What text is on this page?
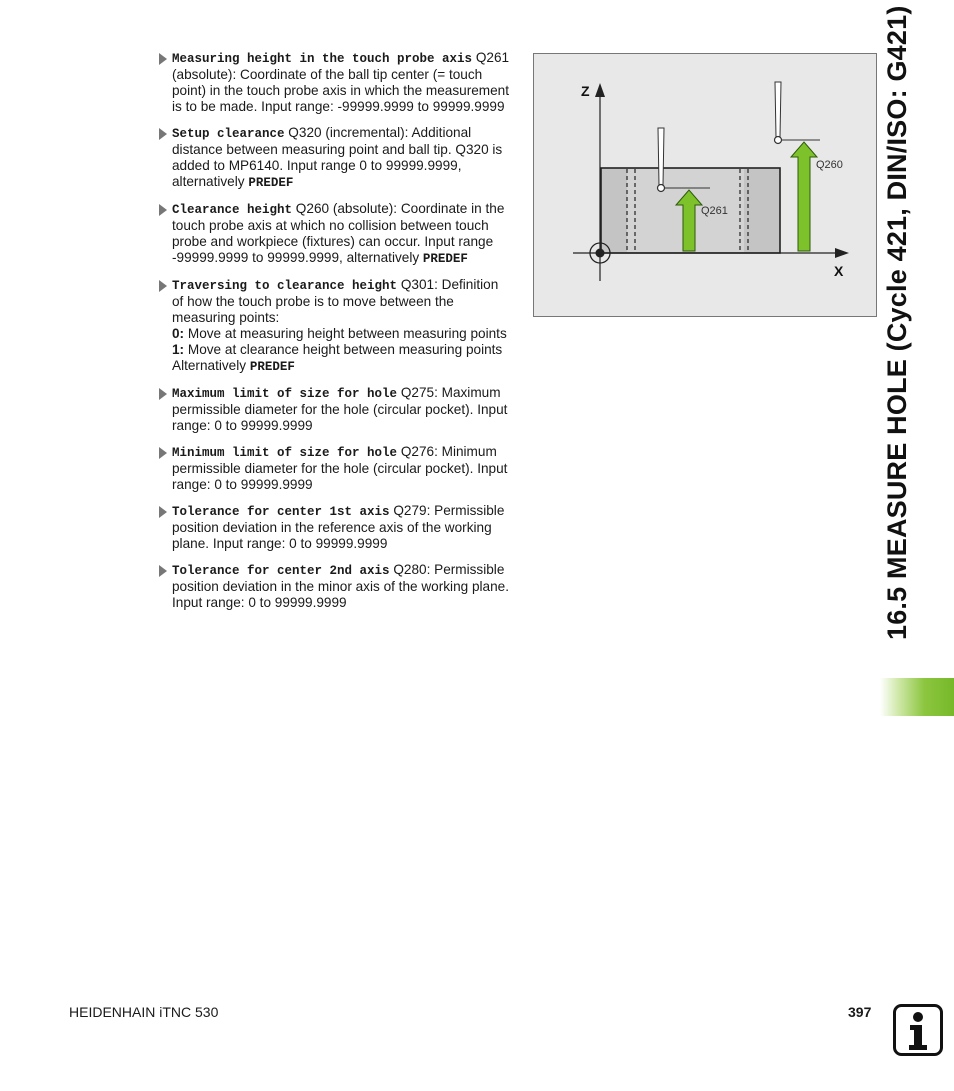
Measuring height in the touch probe axis Q261 (absolute): Coordinate of the ball tip center (= touch point) in the touch probe axis in which the measurement is to be made. Input range: -99999.9999 to 99999.9999
Setup clearance Q320 (incremental): Additional distance between measuring point and ball tip. Q320 is added to MP6140. Input range 0 to 99999.9999, alternatively PREDEF
Clearance height Q260 (absolute): Coordinate in the touch probe axis at which no collision between touch probe and workpiece (fixtures) can occur. Input range -99999.9999 to 99999.9999, alternatively PREDEF
Traversing to clearance height Q301: Definition of how the touch probe is to move between the measuring points:
0: Move at measuring height between measuring points
1: Move at clearance height between measuring points
Alternatively PREDEF
Maximum limit of size for hole Q275: Maximum permissible diameter for the hole (circular pocket). Input range: 0 to 99999.9999
Minimum limit of size for hole Q276: Minimum permissible diameter for the hole (circular pocket). Input range: 0 to 99999.9999
Tolerance for center 1st axis Q279: Permissible position deviation in the reference axis of the working plane. Input range: 0 to 99999.9999
Tolerance for center 2nd axis Q280: Permissible position deviation in the minor axis of the working plane. Input range: 0 to 99999.9999
Z
X
Q261
Q260 16.5 MEASURE HOLE (Cycle 421, DIN/ISO: G421)
HEIDENHAIN iTNC 530	397
